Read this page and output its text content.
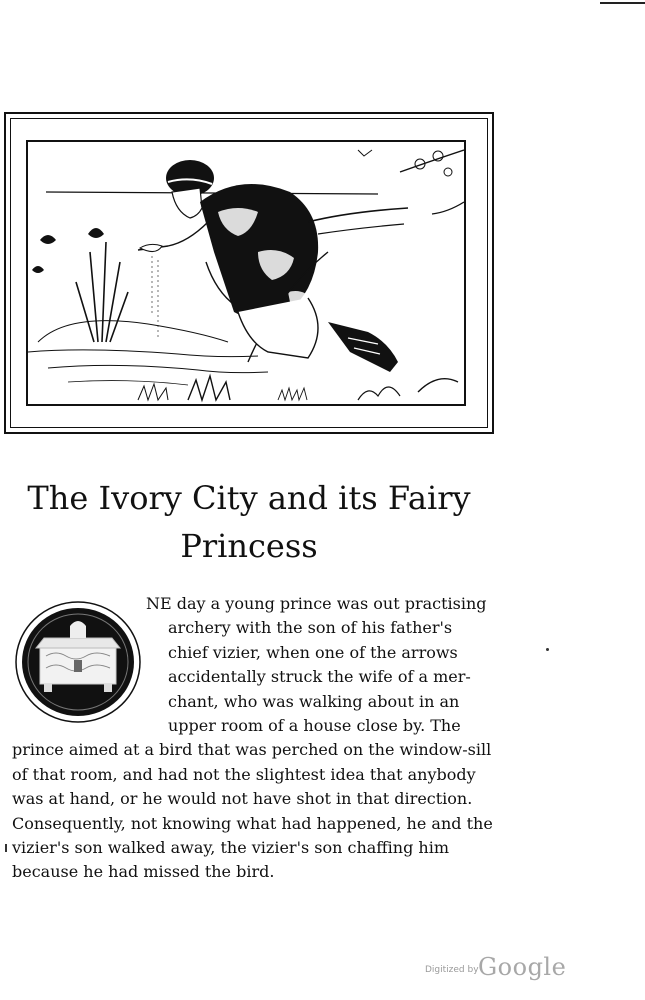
The Ivory City and its Fairy
Princess

NE day a young prince was out practising

archery with the son of his father's

chief vizier, when one of the arrows

accidentally struck the wife of a mer-

chant, who was walking about in an

upper room of a house close by. The

prince aimed at a bird that was perched on the window-sill

of that room, and had not the slightest idea that anybody

was at hand, or he would not have shot in that direction.

Consequently, not knowing what had happened, he and the

vizier's son walked away, the vizier's son chaffing him

because he had missed the bird.

Digitized by Google
